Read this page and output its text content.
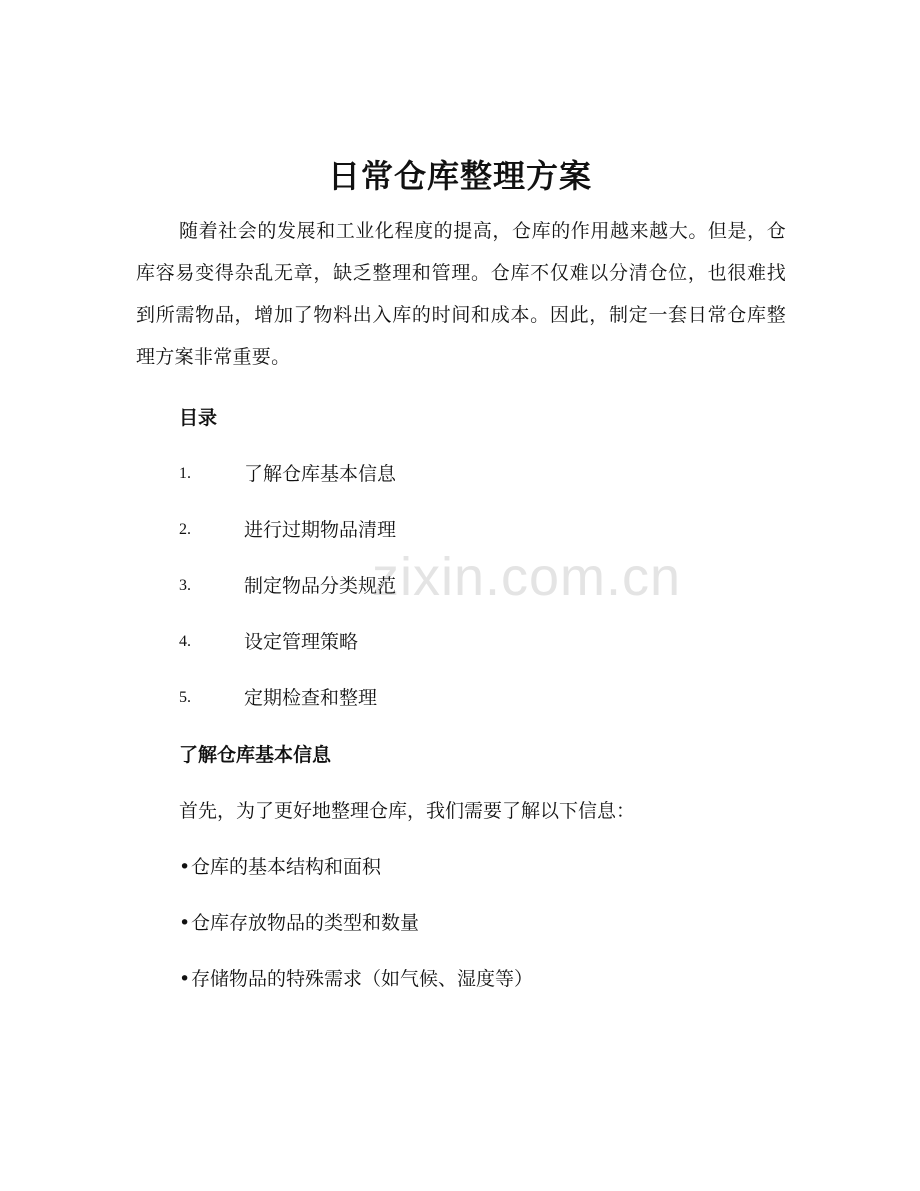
zixin.com.cn
日常仓库整理方案

随着社会的发展和工业化程度的提高，仓库的作用越来越大。但是，仓库容易变得杂乱无章，缺乏整理和管理。仓库不仅难以分清仓位，也很难找到所需物品，增加了物料出入库的时间和成本。因此，制定一套日常仓库整理方案非常重要。

目录
1.	了解仓库基本信息
2.	进行过期物品清理
3.	制定物品分类规范
4.	设定管理策略
5.	定期检查和整理
了解仓库基本信息
首先，为了更好地整理仓库，我们需要了解以下信息：
•仓库的基本结构和面积
•仓库存放物品的类型和数量
•存储物品的特殊需求（如气候、湿度等）
